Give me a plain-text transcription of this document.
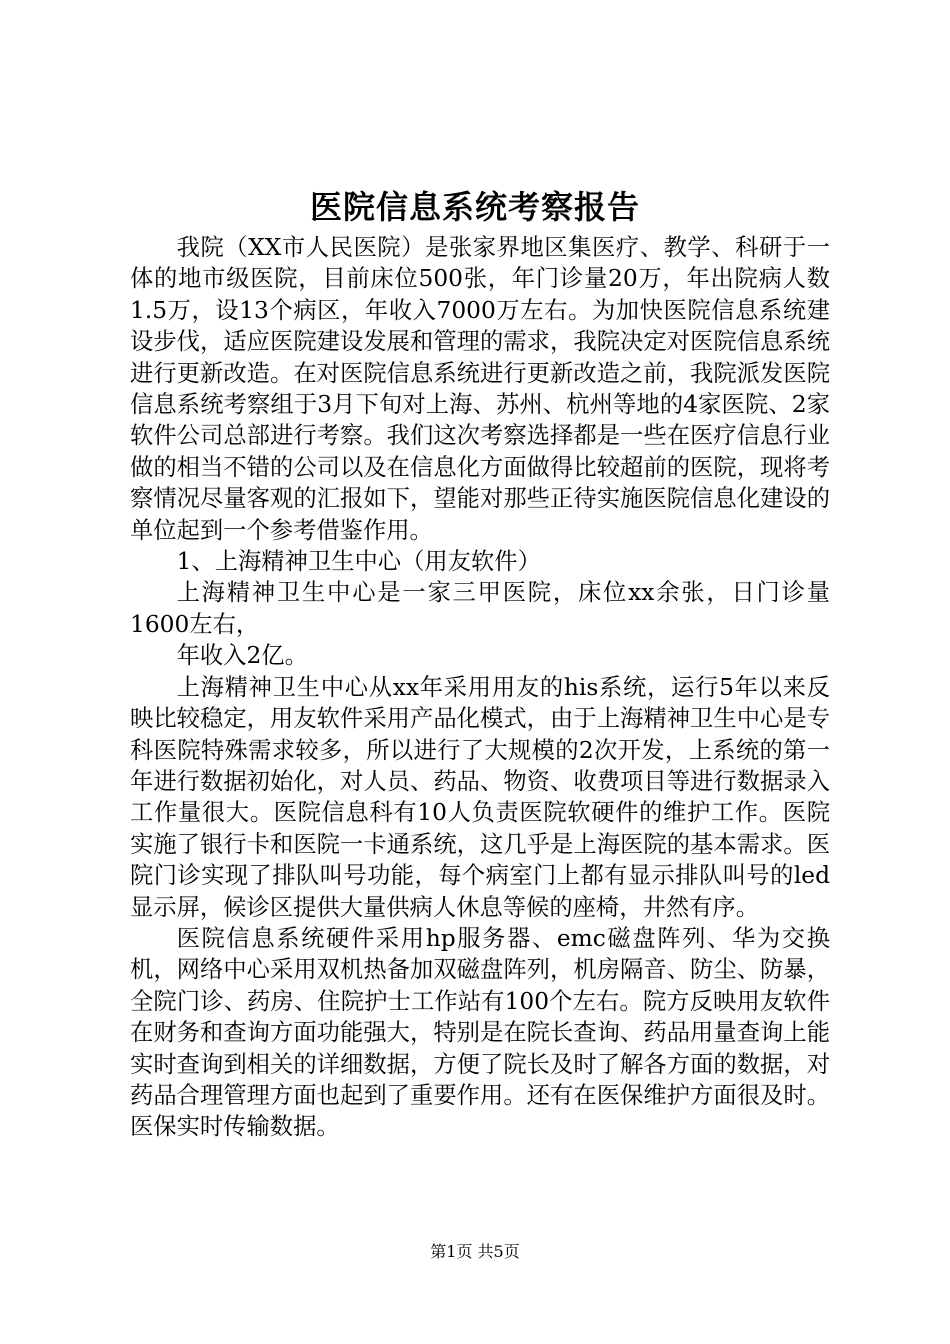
医院信息系统考察报告

我院（XX市人民医院）是张家界地区集医疗、教学、科研于一体的地市级医院，目前床位500张，年门诊量20万，年出院病人数1.5万，设13个病区，年收入7000万左右。为加快医院信息系统建设步伐，适应医院建设发展和管理的需求，我院决定对医院信息系统进行更新改造。在对医院信息系统进行更新改造之前，我院派发医院信息系统考察组于3月下旬对上海、苏州、杭州等地的4家医院、2家软件公司总部进行考察。我们这次考察选择都是一些在医疗信息行业做的相当不错的公司以及在信息化方面做得比较超前的医院，现将考察情况尽量客观的汇报如下，望能对那些正待实施医院信息化建设的单位起到一个参考借鉴作用。

1、上海精神卫生中心（用友软件）

上海精神卫生中心是一家三甲医院，床位xx余张，日门诊量1600左右，

年收入2亿。

上海精神卫生中心从xx年采用用友的his系统，运行5年以来反映比较稳定，用友软件采用产品化模式，由于上海精神卫生中心是专科医院特殊需求较多，所以进行了大规模的2次开发，上系统的第一年进行数据初始化，对人员、药品、物资、收费项目等进行数据录入工作量很大。医院信息科有10人负责医院软硬件的维护工作。医院实施了银行卡和医院一卡通系统，这几乎是上海医院的基本需求。医院门诊实现了排队叫号功能，每个病室门上都有显示排队叫号的led显示屏，候诊区提供大量供病人休息等候的座椅，井然有序。

医院信息系统硬件采用hp服务器、emc磁盘阵列、华为交换机，网络中心采用双机热备加双磁盘阵列，机房隔音、防尘、防暴，全院门诊、药房、住院护士工作站有100个左右。院方反映用友软件在财务和查询方面功能强大，特别是在院长查询、药品用量查询上能实时查询到相关的详细数据，方便了院长及时了解各方面的数据，对药品合理管理方面也起到了重要作用。还有在医保维护方面很及时。医保实时传输数据。

第1页 共5页
